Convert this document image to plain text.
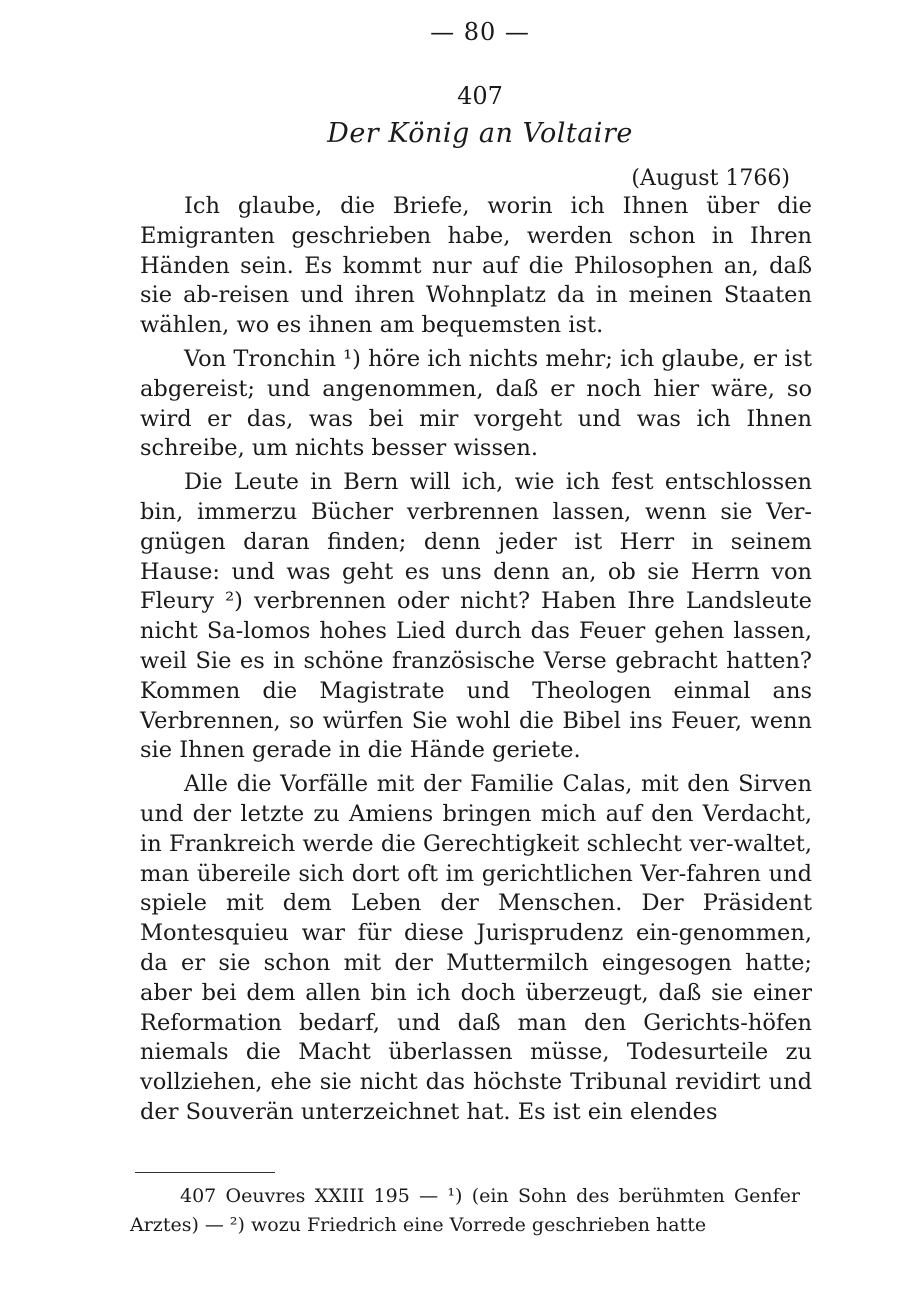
— 80 —
407
Der König an Voltaire
(August 1766)

Ich glaube, die Briefe, worin ich Ihnen über die Emigranten geschrieben habe, werden schon in Ihren Händen sein. Es kommt nur auf die Philosophen an, daß sie ab-reisen und ihren Wohnplatz da in meinen Staaten wählen, wo es ihnen am bequemsten ist.

Von Tronchin ¹) höre ich nichts mehr; ich glaube, er ist abgereist; und angenommen, daß er noch hier wäre, so wird er das, was bei mir vorgeht und was ich Ihnen schreibe, um nichts besser wissen.

Die Leute in Bern will ich, wie ich fest entschlossen bin, immerzu Bücher verbrennen lassen, wenn sie Ver-gnügen daran finden; denn jeder ist Herr in seinem Hause: und was geht es uns denn an, ob sie Herrn von Fleury ²) verbrennen oder nicht? Haben Ihre Landsleute nicht Sa-lomos hohes Lied durch das Feuer gehen lassen, weil Sie es in schöne französische Verse gebracht hatten? Kommen die Magistrate und Theologen einmal ans Verbrennen, so würfen Sie wohl die Bibel ins Feuer, wenn sie Ihnen gerade in die Hände geriete.

Alle die Vorfälle mit der Familie Calas, mit den Sirven und der letzte zu Amiens bringen mich auf den Verdacht, in Frankreich werde die Gerechtigkeit schlecht ver-waltet, man übereile sich dort oft im gerichtlichen Ver-fahren und spiele mit dem Leben der Menschen. Der Präsident Montesquieu war für diese Jurisprudenz ein-genommen, da er sie schon mit der Muttermilch eingesogen hatte; aber bei dem allen bin ich doch überzeugt, daß sie einer Reformation bedarf, und daß man den Gerichts-höfen niemals die Macht überlassen müsse, Todesurteile zu vollziehen, ehe sie nicht das höchste Tribunal revidirt und der Souverän unterzeichnet hat. Es ist ein elendes

407 Oeuvres XXIII 195 — ¹) (ein Sohn des berühmten Genfer Arztes) — ²) wozu Friedrich eine Vorrede geschrieben hatte
